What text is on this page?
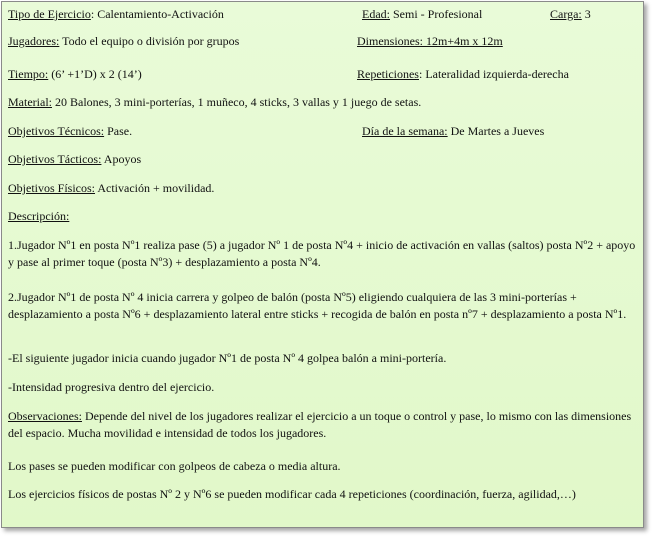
Tipo de Ejercicio: Calentamiento-Activación	Edad: Semi - Profesional	Carga: 3
Jugadores: Todo el equipo o división por grupos	Dimensiones: 12m+4m x 12m
Tiempo: (6’ +1’D) x 2 (14’)	Repeticiones: Lateralidad izquierda-derecha
Material: 20 Balones, 3 mini-porterías, 1 muñeco, 4 sticks, 3 vallas y 1 juego de setas.
Objetivos Técnicos: Pase.	Día de la semana: De Martes a Jueves
Objetivos Tácticos: Apoyos
Objetivos Físicos: Activación + movilidad.
Descripción:
1.Jugador Nº1 en posta Nº1 realiza pase (5) a jugador Nº 1 de posta Nº4 + inicio de activación en vallas (saltos) posta Nº2 + apoyo y pase al primer toque (posta Nº3) + desplazamiento a posta Nº4.
2.Jugador Nº1 de posta Nº 4 inicia carrera y golpeo de balón (posta Nº5) eligiendo cualquiera de las 3 mini-porterías + desplazamiento a posta Nº6 + desplazamiento lateral entre sticks + recogida de balón en posta nº7 + desplazamiento a posta Nº1.
-El siguiente jugador inicia cuando jugador Nº1 de posta Nº 4 golpea balón a mini-portería.
-Intensidad progresiva dentro del ejercicio.
Observaciones: Depende del nivel de los jugadores realizar el ejercicio a un toque o control y pase, lo mismo con las dimensiones del espacio. Mucha movilidad e intensidad de todos los jugadores.
Los pases se pueden modificar con golpeos de cabeza o media altura.
Los ejercicios físicos de postas Nº 2 y Nº6 se pueden modificar cada 4 repeticiones (coordinación, fuerza, agilidad,…)
